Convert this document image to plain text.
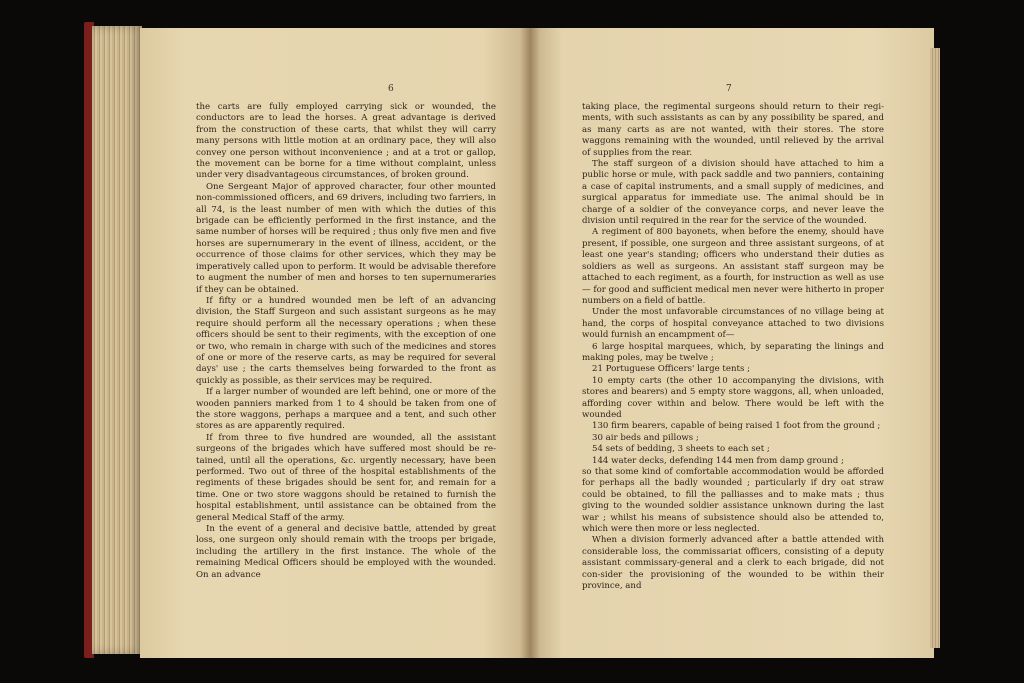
6

the carts are fully employed carrying sick or wounded, the conductors are to lead the horses. A great advantage is derived from the construction of these carts, that whilst they will carry many persons with little motion at an ordinary pace, they will also convey one person without inconvenience ; and at a trot or gallop, the movement can be borne for a time without complaint, unless under very disadvantageous circumstances, of broken ground.

One Sergeant Major of approved character, four other mounted non-commissioned officers, and 69 drivers, including two farriers, in all 74, is the least number of men with which the duties of this brigade can be efficiently performed in the first instance, and the same number of horses will be required ; thus only five men and five horses are supernumerary in the event of illness, accident, or the occurrence of those claims for other services, which they may be imperatively called upon to perform. It would be advisable therefore to augment the number of men and horses to ten supernumeraries if they can be obtained.

If fifty or a hundred wounded men be left of an advancing division, the Staff Surgeon and such assistant surgeons as he may require should perform all the necessary operations ; when these officers should be sent to their regiments, with the exception of one or two, who remain in charge with such of the medicines and stores of one or more of the reserve carts, as may be required for several days' use ; the carts themselves being forwarded to the front as quickly as possible, as their services may be required.

If a larger number of wounded are left behind, one or more of the wooden panniers marked from 1 to 4 should be taken from one of the store waggons, perhaps a marquee and a tent, and such other stores as are apparently required.

If from three to five hundred are wounded, all the assistant surgeons of the brigades which have suffered most should be re-tained, until all the operations, &c. urgently necessary, have been performed. Two out of three of the hospital establishments of the regiments of these brigades should be sent for, and remain for a time. One or two store waggons should be retained to furnish the hospital establishment, until assistance can be obtained from the general Medical Staff of the army.

In the event of a general and decisive battle, attended by great loss, one surgeon only should remain with the troops per brigade, including the artillery in the first instance. The whole of the remaining Medical Officers should be employed with the wounded. On an advance

7

taking place, the regimental surgeons should return to their regi-ments, with such assistants as can by any possibility be spared, and as many carts as are not wanted, with their stores. The store waggons remaining with the wounded, until relieved by the arrival of supplies from the rear.

The staff surgeon of a division should have attached to him a public horse or mule, with pack saddle and two panniers, containing a case of capital instruments, and a small supply of medicines, and surgical apparatus for immediate use. The animal should be in charge of a soldier of the conveyance corps, and never leave the division until required in the rear for the service of the wounded.

A regiment of 800 bayonets, when before the enemy, should have present, if possible, one surgeon and three assistant surgeons, of at least one year's standing; officers who understand their duties as soldiers as well as surgeons. An assistant staff surgeon may be attached to each regiment, as a fourth, for instruction as well as use— for good and sufficient medical men never were hitherto in proper numbers on a field of battle.

Under the most unfavorable circumstances of no village being at hand, the corps of hospital conveyance attached to two divisions would furnish an encampment of—

6 large hospital marquees, which, by separating the linings and making poles, may be twelve ;

21 Portuguese Officers' large tents ;

10 empty carts (the other 10 accompanying the divisions, with stores and bearers) and 5 empty store waggons, all, when unloaded, affording cover within and below. There would be left with the wounded

130 firm bearers, capable of being raised 1 foot from the ground ;

30 air beds and pillows ;

54 sets of bedding, 3 sheets to each set ;

144 water decks, defending 144 men from damp ground ;

so that some kind of comfortable accommodation would be afforded for perhaps all the badly wounded ; particularly if dry oat straw could be obtained, to fill the palliasses and to make mats ; thus giving to the wounded soldier assistance unknown during the last war ; whilst his means of subsistence should also be attended to, which were then more or less neglected.

When a division formerly advanced after a battle attended with considerable loss, the commissariat officers, consisting of a deputy assistant commissary-general and a clerk to each brigade, did not con-sider the provisioning of the wounded to be within their province, and
